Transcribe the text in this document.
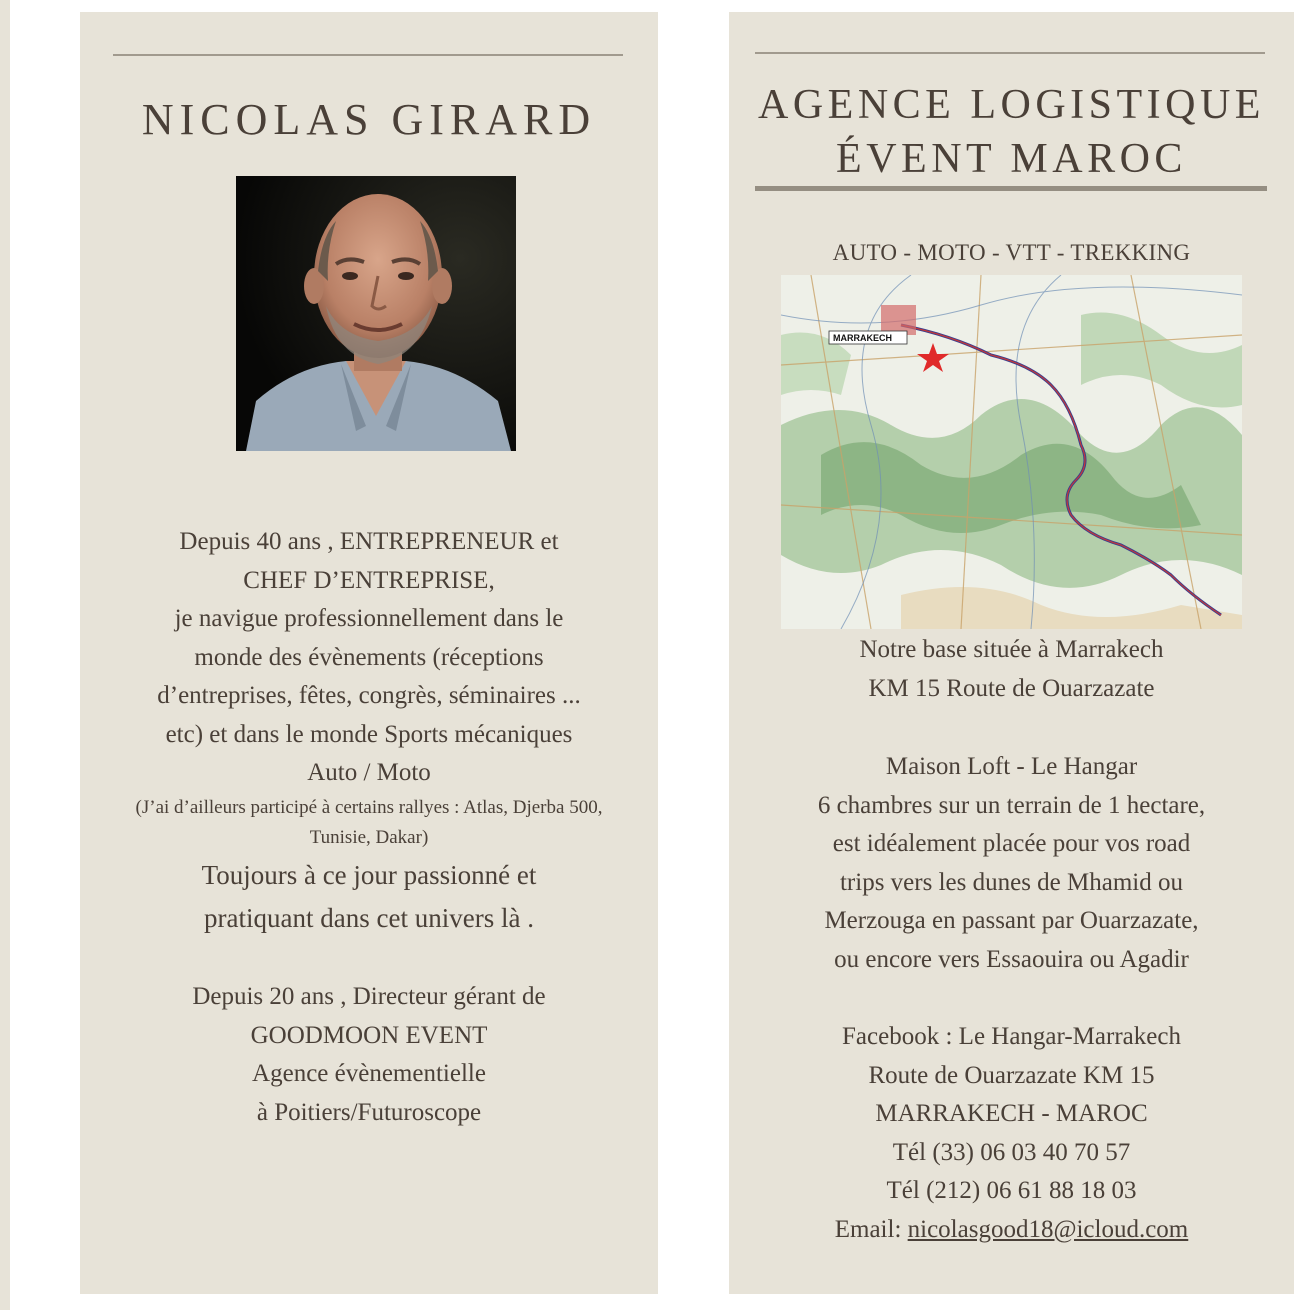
NICOLAS GIRARD
Depuis 40 ans , ENTREPRENEUR et
CHEF D’ENTREPRISE,
je navigue professionnellement dans le
monde des évènements (réceptions
d’entreprises, fêtes, congrès, séminaires ...
etc) et dans le monde Sports mécaniques
Auto / Moto
(J’ai d’ailleurs participé à certains rallyes : Atlas, Djerba 500,
Tunisie, Dakar)
Toujours à ce jour passionné et
pratiquant dans cet univers là .
Depuis 20 ans , Directeur gérant de
GOODMOON EVENT
Agence évènementielle
à Poitiers/Futuroscope
AGENCE LOGISTIQUE
ÉVENT MAROC
AUTO - MOTO - VTT - TREKKING
MARRAKECH
Notre base située à Marrakech
KM 15 Route de Ouarzazate
Maison Loft - Le Hangar
6 chambres sur un terrain de 1 hectare,
est idéalement placée pour vos road
trips vers les dunes de Mhamid ou
Merzouga en passant par Ouarzazate,
ou encore vers Essaouira ou Agadir
Facebook : Le Hangar-Marrakech
Route de Ouarzazate KM 15
MARRAKECH - MAROC
Tél (33) 06 03 40 70 57
Tél (212) 06 61 88 18 03
Email: nicolasgood18@icloud.com
